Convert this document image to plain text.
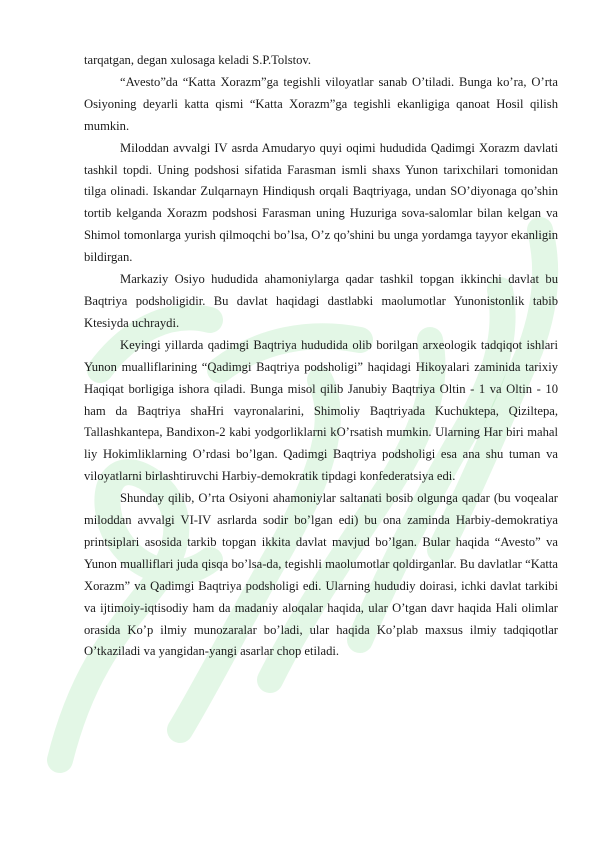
tarqatgan, degan xulosaga keladi S.P.Tolstov.

“Avesto”da “Katta Xorazm”ga tegishli viloyatlar sanab O’tiladi. Bunga ko’ra, O’rta Osiyoning deyarli katta qismi “Katta Xorazm”ga tegishli ekanligiga qanoat Hosil qilish mumkin.

Miloddan avvalgi IV asrda Amudaryo quyi oqimi hududida Qadimgi Xorazm davlati tashkil topdi. Uning podshosi sifatida Farasman ismli shaxs Yunon tarixchilari tomonidan tilga olinadi. Iskandar Zulqarnayn Hindiqush orqali Baqtriyaga, undan SO’diyonaga qo’shin tortib kelganda Xorazm podshosi Farasman uning Huzuriga sova-salomlar bilan kelgan va Shimol tomonlarga yurish qilmoqchi bo’lsa, O’z qo’shini bu unga yordamga tayyor ekanligin bildirgan.

Markaziy Osiyo hududida ahamoniylarga qadar tashkil topgan ikkinchi davlat bu Baqtriya podsholigidir. Bu davlat haqidagi dastlabki maolumotlar Yunonistonlik tabib Ktesiyda uchraydi.

Keyingi yillarda qadimgi Baqtriya hududida olib borilgan arxeologik tadqiqot ishlari Yunon mualliflarining “Qadimgi Baqtriya podsholigi” haqidagi Hikoyalari zaminida tarixiy Haqiqat borligiga ishora qiladi. Bunga misol qilib Janubiy Baqtriya Oltin - 1 va Oltin - 10 ham da Baqtriya shaHri vayronalarini, Shimoliy Baqtriyada Kuchuktepa, Qiziltepa, Tallashkantepa, Bandixon-2 kabi yodgorliklarni kO’rsatish mumkin. Ularning Har biri mahal liy Hokimliklarning O’rdasi bo’lgan. Qadimgi Baqtriya podsholigi esa ana shu tuman va viloyatlarni birlashtiruvchi Harbiy-demokratik tipdagi konfederatsiya edi.

Shunday qilib, O’rta Osiyoni ahamoniylar saltanati bosib olgunga qadar (bu voqealar miloddan avvalgi VI-IV asrlarda sodir bo’lgan edi) bu ona zaminda Harbiy-demokratiya printsiplari asosida tarkib topgan ikkita davlat mavjud bo’lgan. Bular haqida “Avesto” va Yunon mualliflari juda qisqa bo’lsa-da, tegishli maolumotlar qoldirganlar. Bu davlatlar “Katta Xorazm” va Qadimgi Baqtriya podsholigi edi. Ularning hududiy doirasi, ichki davlat tarkibi va ijtimoiy-iqtisodiy ham da madaniy aloqalar haqida, ular O’tgan davr haqida Hali olimlar orasida Ko’p ilmiy munozaralar bo’ladi, ular haqida Ko’plab maxsus ilmiy tadqiqotlar O’tkaziladi va yangidan-yangi asarlar chop etiladi.
